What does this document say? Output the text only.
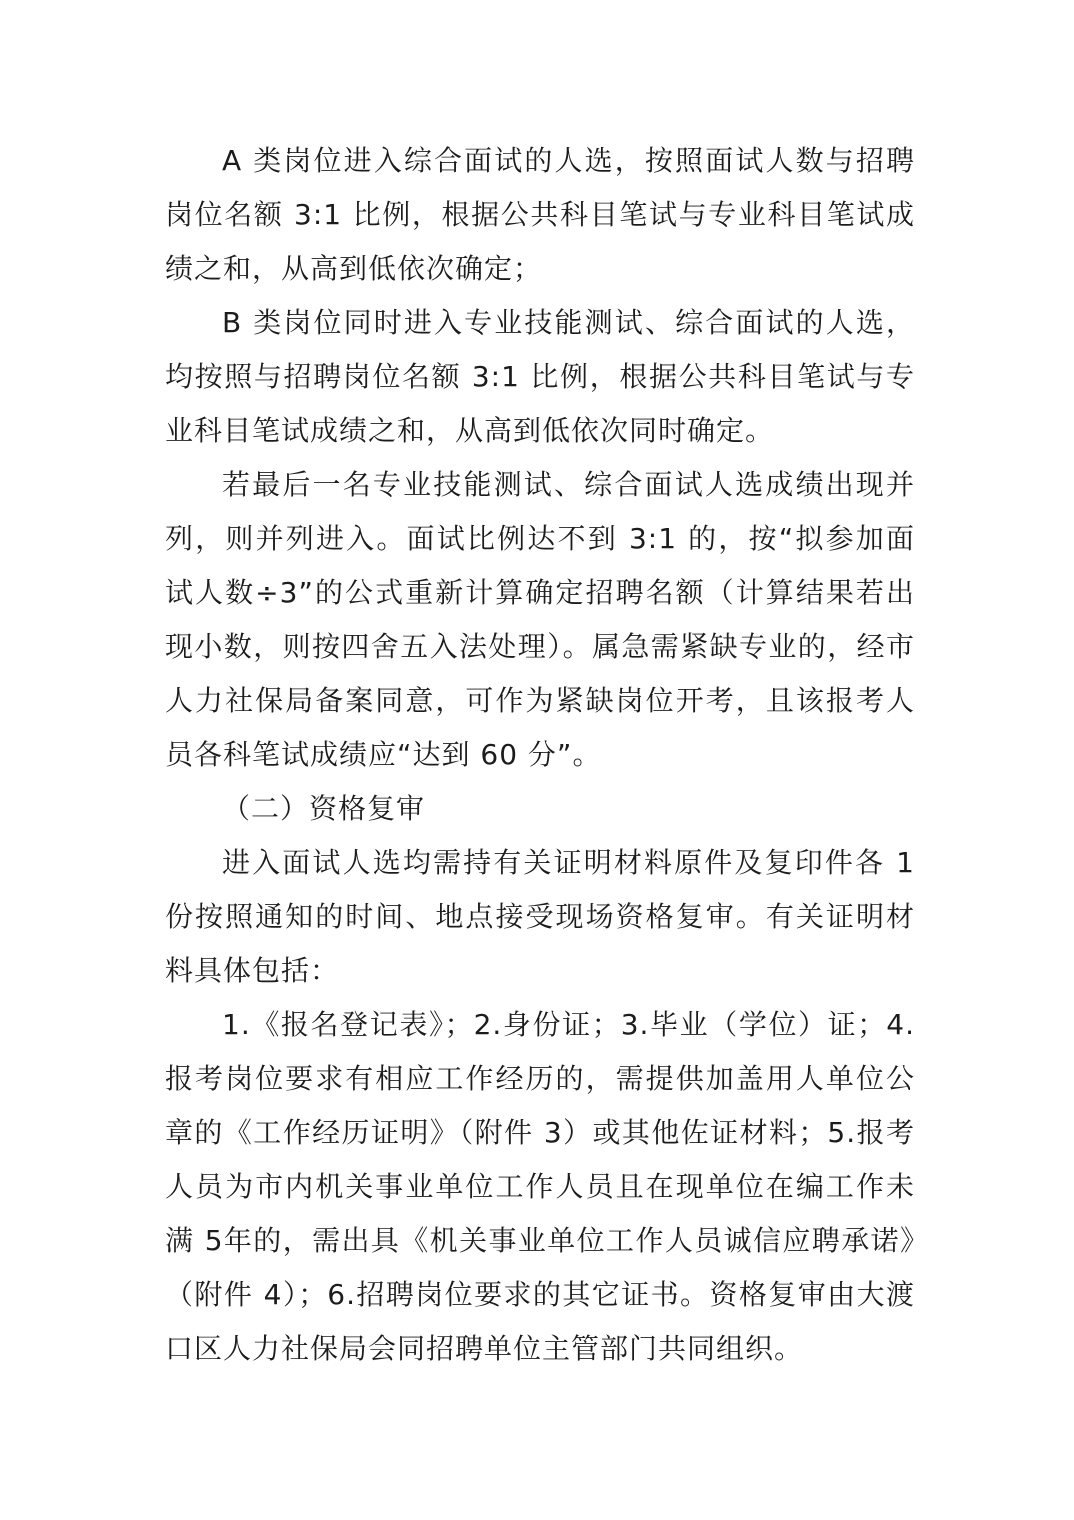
A 类岗位进入综合面试的人选，按照面试人数与招聘岗位名额 3:1 比例，根据公共科目笔试与专业科目笔试成绩之和，从高到低依次确定；

B 类岗位同时进入专业技能测试、综合面试的人选，均按照与招聘岗位名额 3:1 比例，根据公共科目笔试与专业科目笔试成绩之和，从高到低依次同时确定。

若最后一名专业技能测试、综合面试人选成绩出现并列，则并列进入。面试比例达不到 3:1 的，按“拟参加面试人数÷3”的公式重新计算确定招聘名额（计算结果若出现小数，则按四舍五入法处理）。属急需紧缺专业的，经市人力社保局备案同意，可作为紧缺岗位开考，且该报考人员各科笔试成绩应“达到 60 分”。

（二）资格复审

进入面试人选均需持有关证明材料原件及复印件各 1 份按照通知的时间、地点接受现场资格复审。有关证明材料具体包括：

1.《报名登记表》；2.身份证；3.毕业（学位）证；4.报考岗位要求有相应工作经历的，需提供加盖用人单位公章的《工作经历证明》（附件 3）或其他佐证材料；5.报考人员为市内机关事业单位工作人员且在现单位在编工作未满 5年的，需出具《机关事业单位工作人员诚信应聘承诺》（附件 4）；6.招聘岗位要求的其它证书。资格复审由大渡口区人力社保局会同招聘单位主管部门共同组织。
